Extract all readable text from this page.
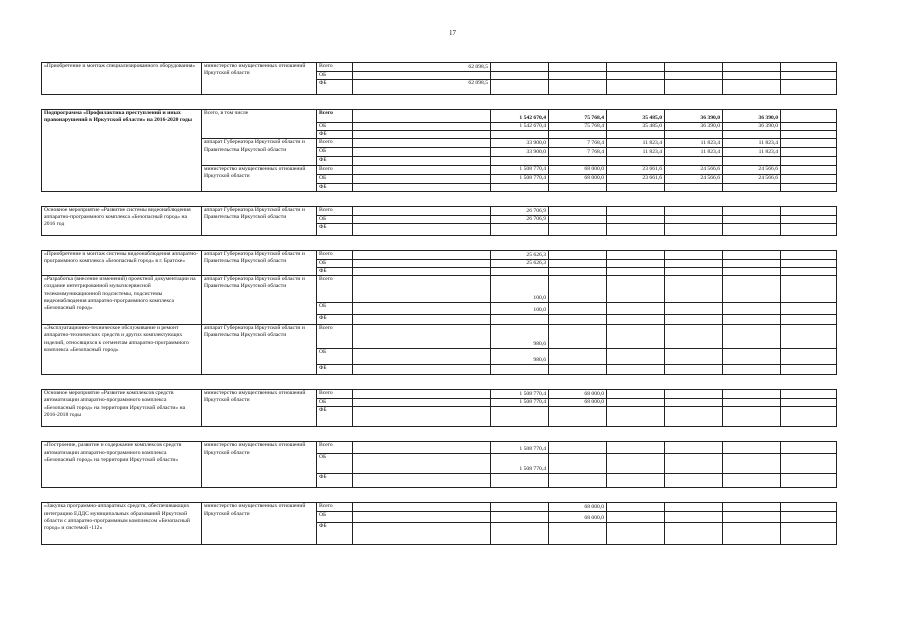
17
«Приобретение и монтаж специализированного оборудования»	министерство имущественных отношений Иркутской области	Всего	62 098,5						
		ОБ							
		ФБ	62 098,5						

Подпрограмма «Профилактика преступлений и иных правонарушений в Иркутской области» на 2016-2020 годы	Всего, в том числе	Всего		1 542 670,4	75 768,4	35 485,0	36 390,0	36 390,0	
		ОБ		1 542 670,4	75 768,4	35 485,0	36 390,0	36 390,0	
		ФБ							
	аппарат Губернатора Иркутской области и Правительства Иркутской области	Всего		33 900,0	7 768,4	11 823,4	11 823,4	11 823,4	
		ОБ		33 900,0	7 768,4	11 823,4	11 823,4	11 823,4	
		ФБ							
	министерство имущественных отношений Иркутской области	Всего		1 508 770,4	68 000,0	23 661,6	24 566,6	24 566,6	
		ОБ		1 508 770,4	68 000,0	23 661,6	24 566,6	24 566,6	
		ФБ							

Основное мероприятие «Развитие системы видеонаблюдения аппаратно-программного комплекса «Безопасный город» на 2016 год	аппарат Губернатора Иркутской области и Правительства Иркутской области	Всего		26 706,9					
		ОБ		26 706,9					
		ФБ							

«Приобретение и монтаж системы видеонаблюдения аппаратно-программного комплекса «Безопасный город» в г. Братске»	аппарат Губернатора Иркутской области и Правительства Иркутской области	Всего		25 626,3					
		ОБ		25 626,3					
		ФБ							
«Разработка (внесение изменений) проектной документации на создание интегрированной мультисервисной телекоммуникационной подсистемы, подсистемы видеонаблюдения аппаратно-программного комплекса «Безопасный город»	аппарат Губернатора Иркутской области и Правительства Иркутской области	Всего		100,0					
		ОБ		100,0					
		ФБ							
«Эксплуатационно-техническое обслуживание и ремонт аппаратно-технических средств и других комплектующих изделий, относящихся к сегментам аппаратно-программного комплекса «Безопасный город»	аппарат Губернатора Иркутской области и Правительства Иркутской области	Всего		980,6					
		ОБ		980,6					
		ФБ							

Основное мероприятие «Развитие комплексов средств автоматизации аппаратно-программного комплекса «Безопасный город» на территории Иркутской области» на 2016-2018 годы	министерство имущественных отношений Иркутской области	Всего		1 508 770,4	68 000,0				
		ОБ		1 508 770,4	68 000,0				
		ФБ							

«Построение, развитие и содержание комплексов средств автоматизации аппаратно-программного комплекса «Безопасный город» на территории Иркутской области»	министерство имущественных отношений Иркутской области	Всего		1 508 770,4					
		ОБ		1 508 770,4					
		ФБ							

«Закупка программно-аппаратных средств, обеспечивающих интеграцию ЕДДС муниципальных образований Иркутской области с аппаратно-программным комплексом «Безопасный город» и системой -112»	министерство имущественных отношений Иркутской области	Всего			68 000,0				
		ОБ			68 000,0				
		ФБ							
